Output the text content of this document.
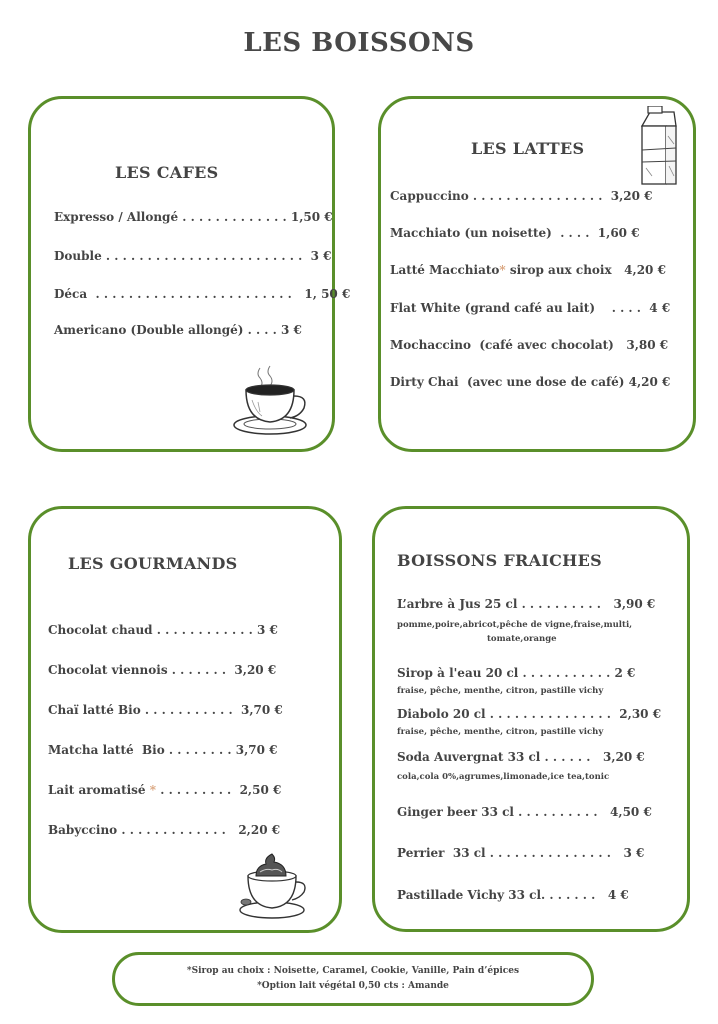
LES BOISSONS
LES CAFES
Expresso / Allongé . . . . . . . . . . . . . 1,50 €
Double . . . . . . . . . . . . . . . . . . . . . . . .  3 €
Déca  . . . . . . . . . . . . . . . . . . . . . . . .   1, 50 €
Americano (Double allongé) . . . . 3 €
LES LATTES
Cappuccino . . . . . . . . . . . . . . . .  3,20 €
Macchiato (un noisette)  . . . .  1,60 €
Latté Macchiato* sirop aux choix   4,20 €
Flat White (grand café au lait)    . . . .  4 €
Mochaccino  (café avec chocolat)   3,80 €
Dirty Chai  (avec une dose de café) 4,20 €
LES GOURMANDS
Chocolat chaud . . . . . . . . . . . . 3 €
Chocolat viennois . . . . . . .  3,20 €
Chaï latté Bio . . . . . . . . . . .  3,70 €
Matcha latté  Bio . . . . . . . . 3,70 €
Lait aromatisé * . . . . . . . . .  2,50 €
Babyccino . . . . . . . . . . . . .   2,20 €
BOISSONS FRAICHES
L’arbre à Jus 25 cl . . . . . . . . . .   3,90 €
pomme,poire,abricot,pêche de vigne,fraise,multi,
tomate,orange
Sirop à l'eau 20 cl . . . . . . . . . . . 2 €
fraise, pêche, menthe, citron, pastille vichy
Diabolo 20 cl . . . . . . . . . . . . . . .  2,30 €
fraise, pêche, menthe, citron, pastille vichy
Soda Auvergnat 33 cl . . . . . .   3,20 €
cola,cola 0%,agrumes,limonade,ice tea,tonic
Ginger beer 33 cl . . . . . . . . . .   4,50 €
Perrier  33 cl . . . . . . . . . . . . . . .   3 €
Pastillade Vichy 33 cl. . . . . . .   4 €
*Sirop au choix : Noisette, Caramel, Cookie, Vanille, Pain d’épices
*Option lait végétal 0,50 cts : Amande
